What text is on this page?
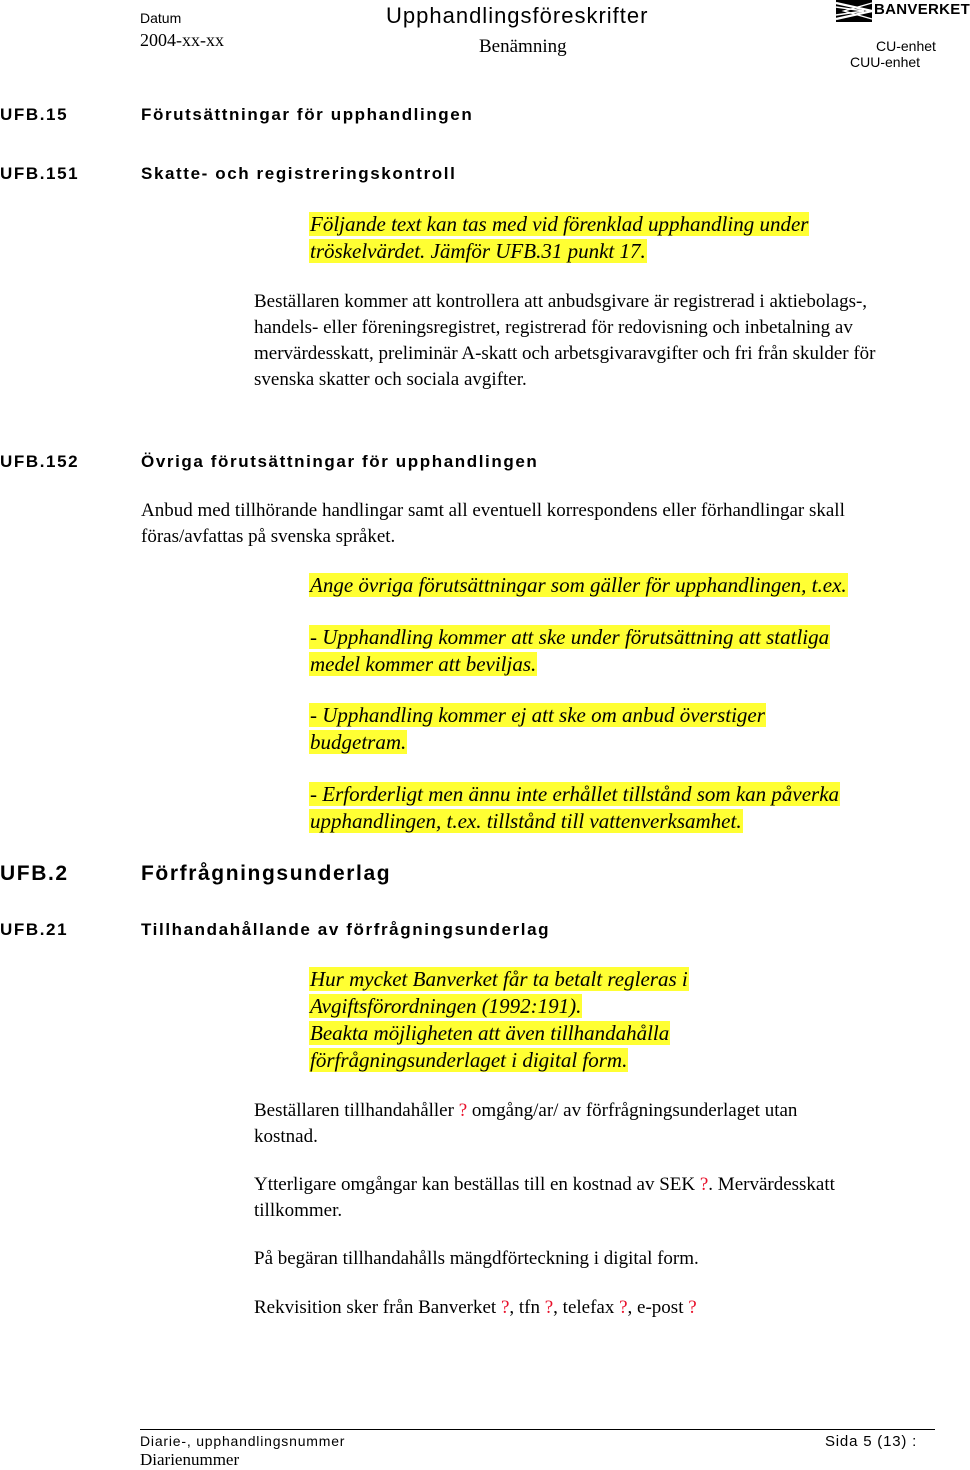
Datum
2004-xx-xx
Upphandlingsföreskrifter
Benämning
BANVERKET
CU-enhet
CUU-enhet
UFB.15	Förutsättningar för upphandlingen
UFB.151	Skatte- och registreringskontroll
Följande text kan tas med vid förenklad upphandling under
tröskelvärdet. Jämför UFB.31 punkt 17.

Beställaren kommer att kontrollera att anbudsgivare är registrerad i aktiebolags-, handels- eller föreningsregistret, registrerad för redovisning och inbetalning av mervärdesskatt, preliminär A-skatt och arbetsgivaravgifter och fri från skulder för svenska skatter och sociala avgifter.

UFB.152	Övriga förutsättningar för upphandlingen

Anbud med tillhörande handlingar samt all eventuell korrespondens eller förhandlingar skall föras/avfattas på svenska språket.

Ange övriga förutsättningar som gäller för upphandlingen, t.ex.
- Upphandling kommer att ske under förutsättning att statliga
medel kommer att beviljas.
- Upphandling kommer ej att ske om anbud överstiger
budgetram.
- Erforderligt men ännu inte erhållet tillstånd som kan påverka
upphandlingen, t.ex. tillstånd till vattenverksamhet.
UFB.2	Förfrågningsunderlag
UFB.21	Tillhandahållande av förfrågningsunderlag
Hur mycket Banverket får ta betalt regleras i
Avgiftsförordningen (1992:191).
Beakta möjligheten att även tillhandahålla
förfrågningsunderlaget i digital form.
Beställaren tillhandahåller ? omgång/ar/ av förfrågningsunderlaget utan
kostnad.
Ytterligare omgångar kan beställas till en kostnad av SEK ?. Mervärdesskatt
tillkommer.
På begäran tillhandahålls mängdförteckning i digital form.
Rekvisition sker från Banverket ?, tfn ?, telefax ?, e-post ?
Diarie-, upphandlingsnummer
Diarienummer
Sida 5 (13) :
